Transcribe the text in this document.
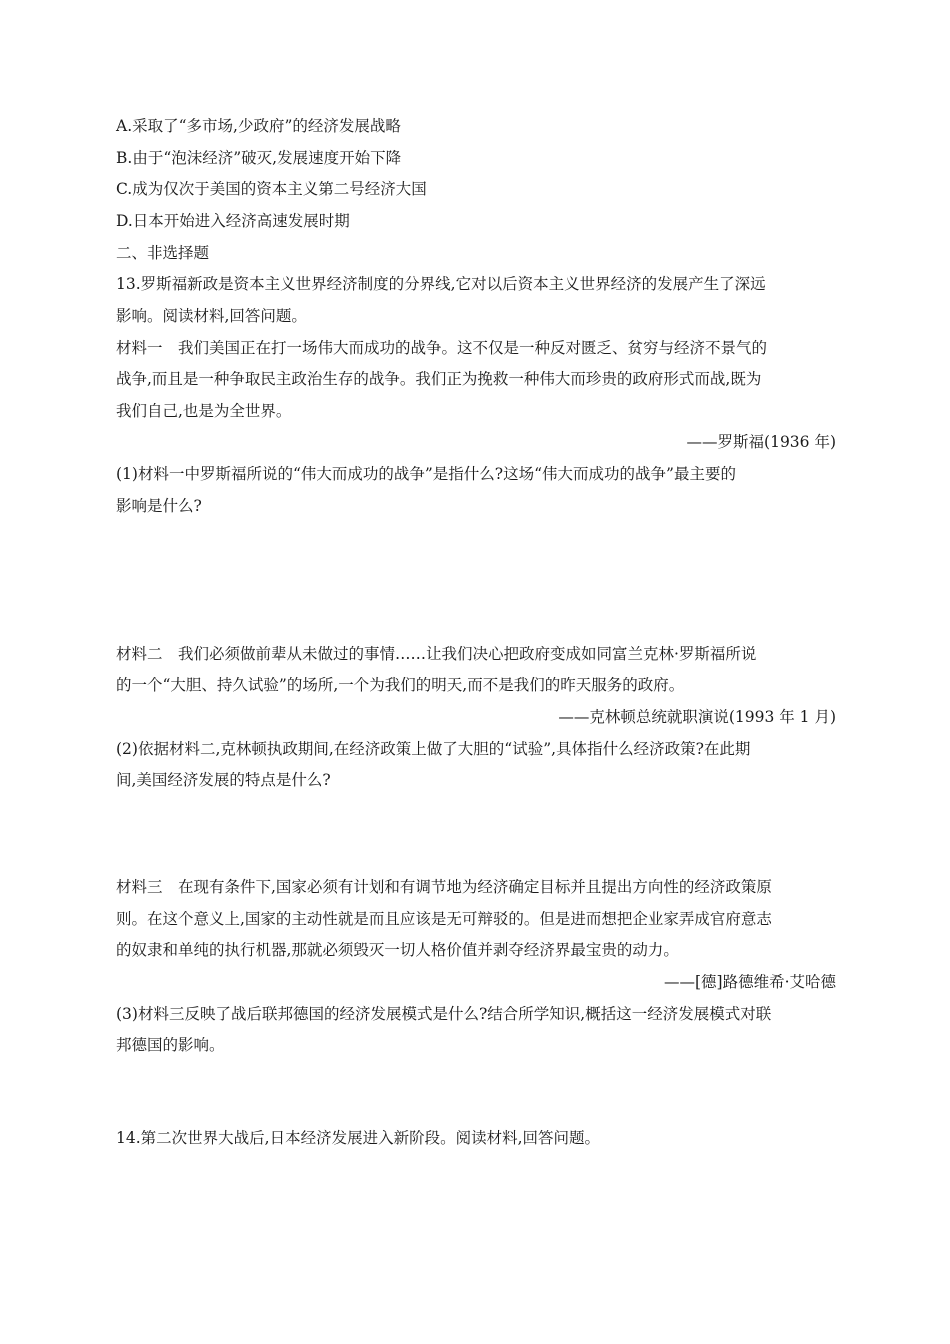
A.采取了“多市场,少政府”的经济发展战略
B.由于“泡沫经济”破灭,发展速度开始下降
C.成为仅次于美国的资本主义第二号经济大国
D.日本开始进入经济高速发展时期
二、非选择题
13.罗斯福新政是资本主义世界经济制度的分界线,它对以后资本主义世界经济的发展产生了深远
影响。阅读材料,回答问题。
材料一　我们美国正在打一场伟大而成功的战争。这不仅是一种反对匮乏、贫穷与经济不景气的
战争,而且是一种争取民主政治生存的战争。我们正为挽救一种伟大而珍贵的政府形式而战,既为
我们自己,也是为全世界。
——罗斯福(1936 年)
(1)材料一中罗斯福所说的“伟大而成功的战争”是指什么?这场“伟大而成功的战争”最主要的
影响是什么?
材料二　我们必须做前辈从未做过的事情……让我们决心把政府变成如同富兰克林·罗斯福所说
的一个“大胆、持久试验”的场所,一个为我们的明天,而不是我们的昨天服务的政府。
——克林顿总统就职演说(1993 年 1 月)
(2)依据材料二,克林顿执政期间,在经济政策上做了大胆的“试验”,具体指什么经济政策?在此期
间,美国经济发展的特点是什么?
材料三　在现有条件下,国家必须有计划和有调节地为经济确定目标并且提出方向性的经济政策原
则。在这个意义上,国家的主动性就是而且应该是无可辩驳的。但是进而想把企业家弄成官府意志
的奴隶和单纯的执行机器,那就必须毁灭一切人格价值并剥夺经济界最宝贵的动力。
——[德]路德维希·艾哈德
(3)材料三反映了战后联邦德国的经济发展模式是什么?结合所学知识,概括这一经济发展模式对联
邦德国的影响。
14.第二次世界大战后,日本经济发展进入新阶段。阅读材料,回答问题。
